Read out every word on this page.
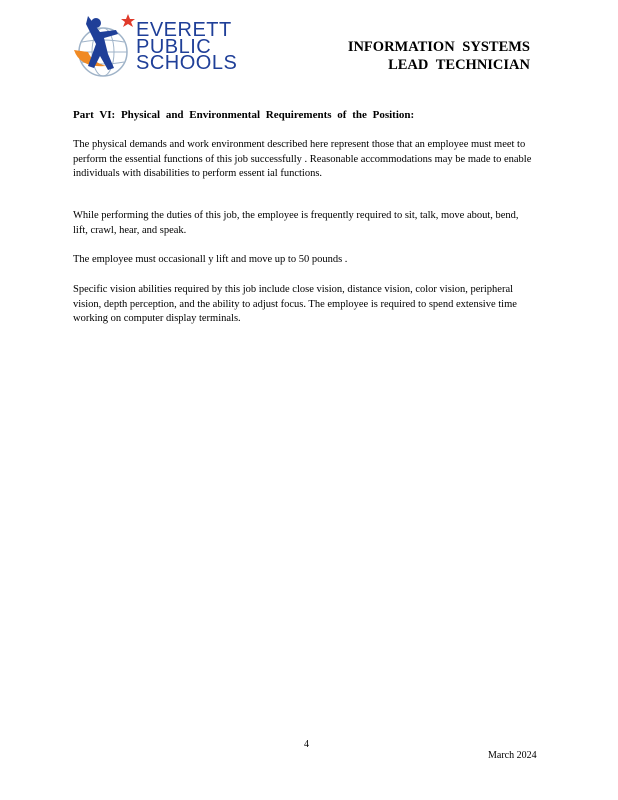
EVERETT
PUBLIC
SCHOOLS
INFORMATION SYSTEMS
LEAD TECHNICIAN
Part VI: Physical and Environmental Requirements of the Position:
The physical demands and work environment described here represent those that an employee must meet to perform the essential functions of this job successfully . Reasonable accommodations may be made to enable individuals with disabilities to perform essent ial functions.
While performing the duties of this job, the employee is frequently required to sit, talk, move about, bend, lift, crawl, hear, and speak.
The employee must occasionall y lift and move up to 50 pounds .
Specific vision abilities required by this job include close vision, distance vision, color vision, peripheral vision, depth perception, and the ability to adjust focus. The employee is required to spend extensive time working on computer display terminals.
4
March 2024
